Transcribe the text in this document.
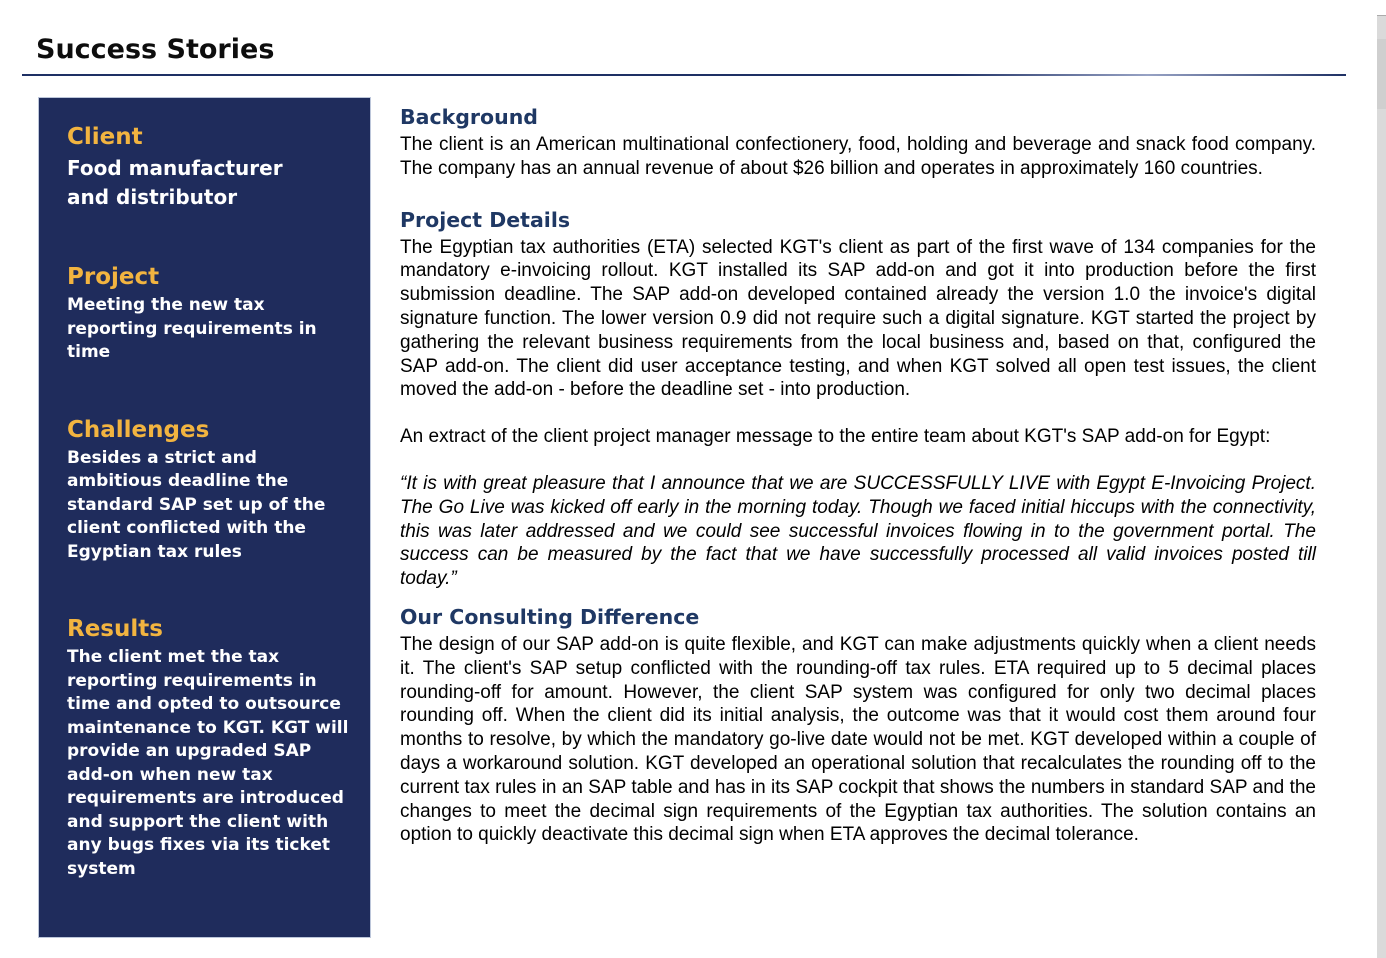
Success Stories
Client
Food manufacturer and distributor
Project
Meeting the new tax reporting requirements in time
Challenges
Besides a strict and ambitious deadline the standard SAP set up of the client conflicted with the Egyptian tax rules
Results
The client met the tax reporting requirements in time and opted to outsource maintenance to KGT. KGT will provide an upgraded SAP add-on when new tax requirements are introduced and support the client with any bugs fixes via its ticket system
Background

The client is an American multinational confectionery, food, holding and beverage and snack food company. The company has an annual revenue of about $26 billion and operates in approximately 160 countries.

Project Details

The Egyptian tax authorities (ETA) selected KGT's client as part of the first wave of 134 companies for the mandatory e-invoicing rollout. KGT installed its SAP add-on and got it into production before the first submission deadline. The SAP add-on developed contained already the version 1.0 the invoice's digital signature function. The lower version 0.9 did not require such a digital signature. KGT started the project by gathering the relevant business requirements from the local business and, based on that, configured the SAP add-on. The client did user acceptance testing, and when KGT solved all open test issues, the client moved the add-on - before the deadline set - into production.

An extract of the client project manager message to the entire team about KGT's SAP add-on for Egypt:

“It is with great pleasure that I announce that we are SUCCESSFULLY LIVE with Egypt E-Invoicing Project. The Go Live was kicked off early in the morning today. Though we faced initial hiccups with the connectivity, this was later addressed and we could see successful invoices flowing in to the government portal. The success can be measured by the fact that we have successfully processed all valid invoices posted till today.”

Our Consulting Difference

The design of our SAP add-on is quite flexible, and KGT can make adjustments quickly when a client needs it. The client's SAP setup conflicted with the rounding-off tax rules. ETA required up to 5 decimal places rounding-off for amount. However, the client SAP system was configured for only two decimal places rounding off. When the client did its initial analysis, the outcome was that it would cost them around four months to resolve, by which the mandatory go-live date would not be met. KGT developed within a couple of days a workaround solution. KGT developed an operational solution that recalculates the rounding off to the current tax rules in an SAP table and has in its SAP cockpit that shows the numbers in standard SAP and the changes to meet the decimal sign requirements of the Egyptian tax authorities. The solution contains an option to quickly deactivate this decimal sign when ETA approves the decimal tolerance.
